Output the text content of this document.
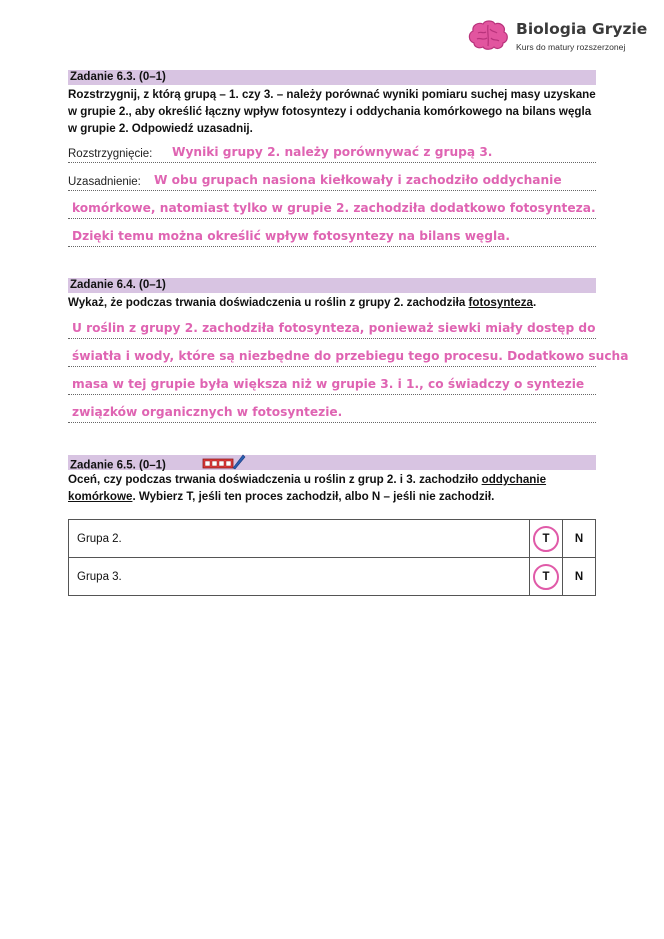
Biologia Gryzie
Kurs do matury rozszerzonej
Zadanie 6.3. (0–1)
Rozstrzygnij, z którą grupą – 1. czy 3. – należy porównać wyniki pomiaru suchej masy uzyskane w grupie 2., aby określić łączny wpływ fotosyntezy i oddychania komórkowego na bilans węgla w grupie 2. Odpowiedź uzasadnij.
Rozstrzygnięcie: Wyniki grupy 2. należy porównywać z grupą 3.
Uzasadnienie: W obu grupach nasiona kiełkowały i zachodziło oddychanie
komórkowe, natomiast tylko w grupie 2. zachodziła dodatkowo fotosynteza.
Dzięki temu można określić wpływ fotosyntezy na bilans węgla.
Zadanie 6.4. (0–1)
Wykaż, że podczas trwania doświadczenia u roślin z grupy 2. zachodziła fotosynteza.
U roślin z grupy 2. zachodziła fotosynteza, ponieważ siewki miały dostęp do
światła i wody, które są niezbędne do przebiegu tego procesu. Dodatkowo sucha
masa w tej grupie była większa niż w grupie 3. i 1., co świadczy o syntezie
związków organicznych w fotosyntezie.
Zadanie 6.5. (0–1)
Oceń, czy podczas trwania doświadczenia u roślin z grup 2. i 3. zachodziło oddychanie komórkowe. Wybierz T, jeśli ten proces zachodził, albo N – jeśli nie zachodził.
Grupa 2.	T	N
Grupa 3.	T	N
